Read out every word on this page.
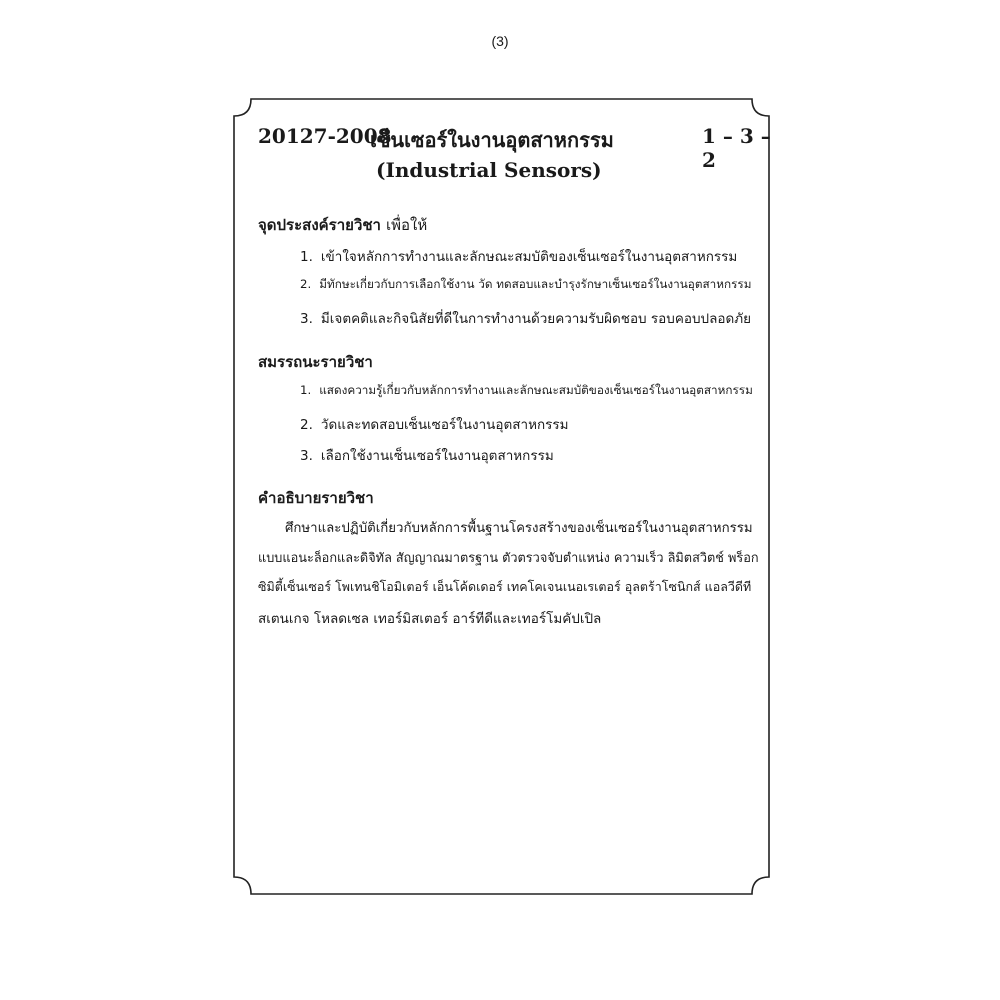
(3)
20127-2008
เซ็นเซอร์ในงานอุตสาหกรรม	1 – 3 – 2
(Industrial Sensors)
จุดประสงค์รายวิชา เพื่อให้
1. เข้าใจหลักการทำงานและลักษณะสมบัติของเซ็นเซอร์ในงานอุตสาหกรรม
2. มีทักษะเกี่ยวกับการเลือกใช้งาน วัด ทดสอบและบำรุงรักษาเซ็นเซอร์ในงานอุตสาหกรรม
3. มีเจตคติและกิจนิสัยที่ดีในการทำงานด้วยความรับผิดชอบ รอบคอบปลอดภัย
สมรรถนะรายวิชา
1. แสดงความรู้เกี่ยวกับหลักการทำงานและลักษณะสมบัติของเซ็นเซอร์ในงานอุตสาหกรรม
2. วัดและทดสอบเซ็นเซอร์ในงานอุตสาหกรรม
3. เลือกใช้งานเซ็นเซอร์ในงานอุตสาหกรรม
คำอธิบายรายวิชา
ศึกษาและปฏิบัติเกี่ยวกับหลักการพื้นฐานโครงสร้างของเซ็นเซอร์ในงานอุตสาหกรรม
แบบแอนะล็อกและดิจิทัล สัญญาณมาตรฐาน ตัวตรวจจับตำแหน่ง ความเร็ว ลิมิตสวิตช์ พร็อก
ซิมิตี้เซ็นเซอร์ โพเทนชิโอมิเตอร์ เอ็นโค้ดเดอร์ เทคโคเจนเนอเรเตอร์ อุลตร้าโซนิกส์ แอลวีดีที
สเตนเกจ โหลดเซล เทอร์มิสเตอร์ อาร์ทีดีและเทอร์โมคัปเปิล
